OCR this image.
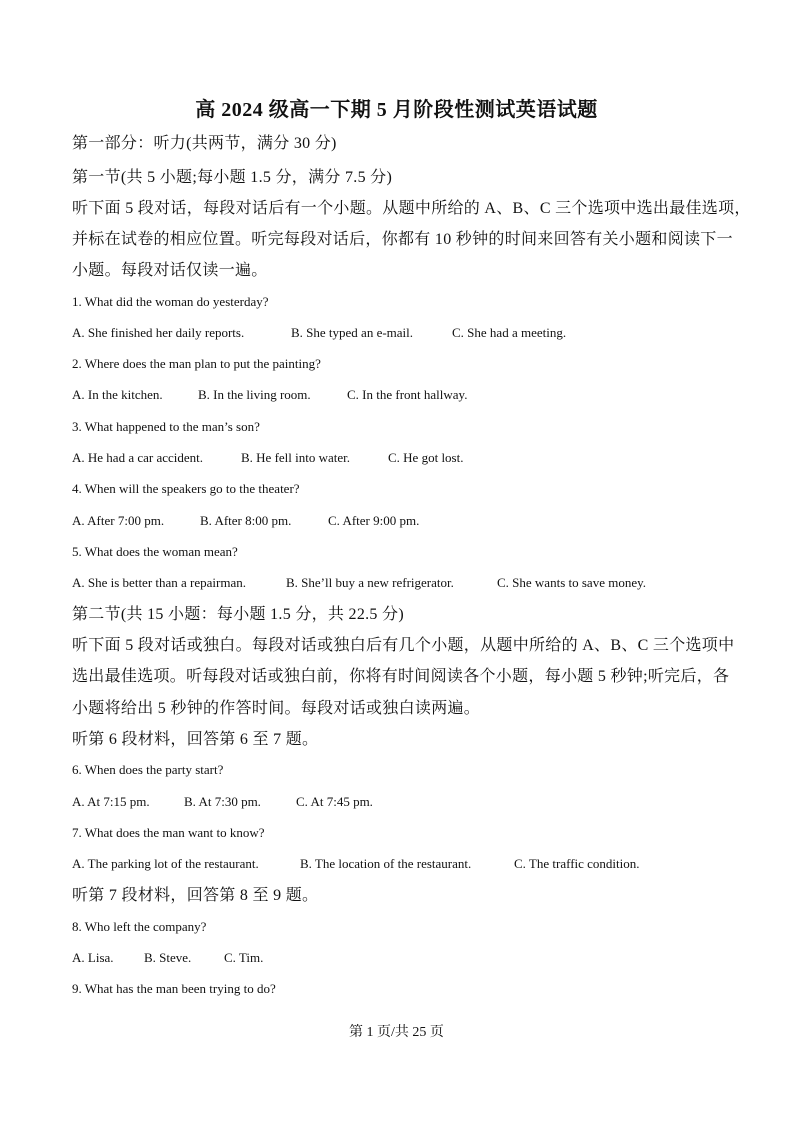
高 2024 级高一下期 5 月阶段性测试英语试题
第一部分：听力(共两节，满分 30 分)
第一节(共 5 小题;每小题 1.5 分，满分 7.5 分)
听下面 5 段对话，每段对话后有一个小题。从题中所给的 A、B、C 三个选项中选出最佳选项，
并标在试卷的相应位置。听完每段对话后，你都有 10 秒钟的时间来回答有关小题和阅读下一
小题。每段对话仅读一遍。
1. What did the woman do yesterday?
A. She finished her daily reports.	B. She typed an e-mail.	C. She had a meeting.
2. Where does the man plan to put the painting?
A. In the kitchen.	B. In the living room.	C. In the front hallway.
3. What happened to the man’s son?
A. He had a car accident.	B. He fell into water.	C. He got lost.
4. When will the speakers go to the theater?
A. After 7:00 pm.	B. After 8:00 pm.	C. After 9:00 pm.
5. What does the woman mean?
A. She is better than a repairman.	B. She’ll buy a new refrigerator.	C. She wants to save money.
第二节(共 15 小题：每小题 1.5 分，共 22.5 分)
听下面 5 段对话或独白。每段对话或独白后有几个小题，从题中所给的 A、B、C 三个选项中
选出最佳选项。听每段对话或独白前，你将有时间阅读各个小题，每小题 5 秒钟;听完后，各
小题将给出 5 秒钟的作答时间。每段对话或独白读两遍。
听第 6 段材料，回答第 6 至 7 题。
6. When does the party start?
A. At 7:15 pm.	B. At 7:30 pm.	C. At 7:45 pm.
7. What does the man want to know?
A. The parking lot of the restaurant.	B. The location of the restaurant.	C. The traffic condition.
听第 7 段材料，回答第 8 至 9 题。
8. Who left the company?
A. Lisa. B. Steve.	C. Tim.
9. What has the man been trying to do?
第 1 页/共 25 页
